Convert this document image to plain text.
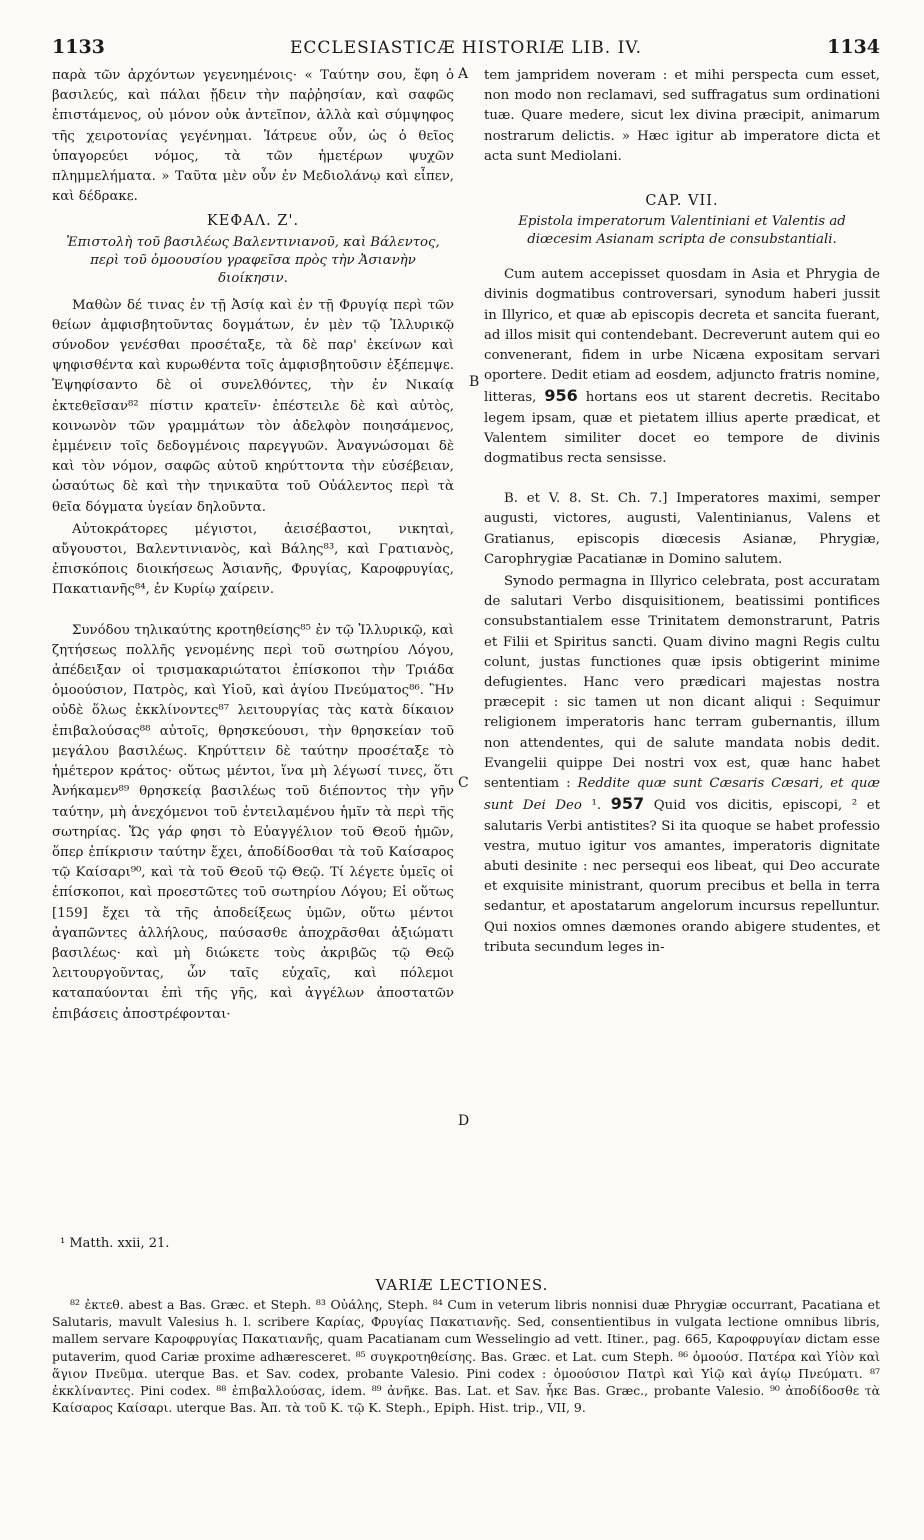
1133	ECCLESIASTICÆ HISTORIÆ LIB. IV.	1134

παρὰ τῶν ἀρχόντων γεγενημένοις· « Ταύτην σου, ἔφη ὁ βασιλεύς, καὶ πάλαι ᾔδειν τὴν παῤῥησίαν, καὶ σαφῶς ἐπιστάμενος, οὐ μόνον οὐκ ἀντεῖπον, ἀλλὰ καὶ σύμψηφος τῆς χειροτονίας γεγένημαι. Ἰάτρευε οὖν, ὡς ὁ θεῖος ὑπαγορεύει νόμος, τὰ τῶν ἡμετέρων ψυχῶν πλημμελήματα. » Ταῦτα μὲν οὖν ἐν Μεδιολάνῳ καὶ εἶπεν, καὶ δέδρακε.

ΚΕΦΑΛ. Ζ'.
Ἐπιστολὴ τοῦ βασιλέως Βαλεντινιανοῦ, καὶ Βάλεντος, περὶ τοῦ ὁμοουσίου γραφεῖσα πρὸς τὴν Ἀσιανὴν διοίκησιν.

Μαθὼν δέ τινας ἐν τῇ Ἀσίᾳ καὶ ἐν τῇ Φρυγίᾳ περὶ τῶν θείων ἀμφισβητοῦντας δογμάτων, ἐν μὲν τῷ Ἰλλυρικῷ σύνοδον γενέσθαι προσέταξε, τὰ δὲ παρ' ἐκείνων καὶ ψηφισθέντα καὶ κυρωθέντα τοῖς ἀμφισβητοῦσιν ἐξέπεμψε. Ἐψηφίσαντο δὲ οἱ συνελθόντες, τὴν ἐν Νικαίᾳ ἐκτεθεῖσαν⁸² πίστιν κρατεῖν· ἐπέστειλε δὲ καὶ αὐτὸς, κοινωνὸν τῶν γραμμάτων τὸν ἀδελφὸν ποιησάμενος, ἐμμένειν τοῖς δεδογμένοις παρεγγυῶν. Ἀναγνώσομαι δὲ καὶ τὸν νόμον, σαφῶς αὐτοῦ κηρύττοντα τὴν εὐσέβειαν, ὡσαύτως δὲ καὶ τὴν τηνικαῦτα τοῦ Οὐάλεντος περὶ τὰ θεῖα δόγματα ὑγείαν δηλοῦντα.

Αὐτοκράτορες μέγιστοι, ἀεισέβαστοι, νικηταὶ, αὔγουστοι, Βαλεντινιανὸς, καὶ Βάλης⁸³, καὶ Γρατιανὸς, ἐπισκόποις διοικήσεως Ἀσιανῆς, Φρυγίας, Καροφρυγίας, Πακατιανῆς⁸⁴, ἐν Κυρίῳ χαίρειν.

Συνόδου τηλικαύτης κροτηθείσης⁸⁵ ἐν τῷ Ἰλλυρικῷ, καὶ ζητήσεως πολλῆς γενομένης περὶ τοῦ σωτηρίου Λόγου, ἀπέδειξαν οἱ τρισμακαριώτατοι ἐπίσκοποι τὴν Τριάδα ὁμοούσιον, Πατρὸς, καὶ Υἱοῦ, καὶ ἁγίου Πνεύματος⁸⁶. Ἣν οὐδὲ ὅλως ἐκκλίνοντες⁸⁷ λειτουργίας τὰς κατὰ δίκαιον ἐπιβαλούσας⁸⁸ αὐτοῖς, θρησκεύουσι, τὴν θρησκείαν τοῦ μεγάλου βασιλέως. Κηρύττειν δὲ ταύτην προσέταξε τὸ ἡμέτερον κράτος· οὕτως μέντοι, ἵνα μὴ λέγωσί τινες, ὅτι Ἀνήκαμεν⁸⁹ θρησκείᾳ βασιλέως τοῦ διέποντος τὴν γῆν ταύτην, μὴ ἀνεχόμενοι τοῦ ἐντειλαμένου ἡμῖν τὰ περὶ τῆς σωτηρίας. Ὥς γάρ φησι τὸ Εὐαγγέλιον τοῦ Θεοῦ ἡμῶν, ὅπερ ἐπίκρισιν ταύτην ἔχει, ἀποδίδοσθαι τὰ τοῦ Καίσαρος τῷ Καίσαρι⁹⁰, καὶ τὰ τοῦ Θεοῦ τῷ Θεῷ. Τί λέγετε ὑμεῖς οἱ ἐπίσκοποι, καὶ προεστῶτες τοῦ σωτηρίου Λόγου; Εἰ οὕτως [159] ἔχει τὰ τῆς ἀποδείξεως ὑμῶν, οὕτω μέντοι ἀγαπῶντες ἀλλήλους, παύσασθε ἀποχρᾶσθαι ἀξιώματι βασιλέως· καὶ μὴ διώκετε τοὺς ἀκριβῶς τῷ Θεῷ λειτουργοῦντας, ὧν ταῖς εὐχαῖς, καὶ πόλεμοι καταπαύονται ἐπὶ τῆς γῆς, καὶ ἀγγέλων ἀποστατῶν ἐπιβάσεις ἀποστρέφονται·

A
B
C
D

tem jampridem noveram : et mihi perspecta cum esset, non modo non reclamavi, sed suffragatus sum ordinationi tuæ. Quare medere, sicut lex divina præcipit, animarum nostrarum delictis. » Hæc igitur ab imperatore dicta et acta sunt Mediolani.

CAP. VII.
Epistola imperatorum Valentiniani et Valentis ad diœcesim Asianam scripta de consubstantiali.

Cum autem accepisset quosdam in Asia et Phrygia de divinis dogmatibus controversari, synodum haberi jussit in Illyrico, et quæ ab episcopis decreta et sancita fuerant, ad illos misit qui contendebant. Decreverunt autem qui eo convenerant, fidem in urbe Nicæna expositam servari oportere. Dedit etiam ad eosdem, adjuncto fratris nomine, litteras, 956 hortans eos ut starent decretis. Recitabo legem ipsam, quæ et pietatem illius aperte prædicat, et Valentem similiter docet eo tempore de divinis dogmatibus recta sensisse.

B. et V. 8. St. Ch. 7.] Imperatores maximi, semper augusti, victores, augusti, Valentinianus, Valens et Gratianus, episcopis diœcesis Asianæ, Phrygiæ, Carophrygiæ Pacatianæ in Domino salutem.

Synodo permagna in Illyrico celebrata, post accuratam de salutari Verbo disquisitionem, beatissimi pontifices consubstantialem esse Trinitatem demonstrarunt, Patris et Filii et Spiritus sancti. Quam divino magni Regis cultu colunt, justas functiones quæ ipsis obtigerint minime defugientes. Hanc vero prædicari majestas nostra præcepit : sic tamen ut non dicant aliqui : Sequimur religionem imperatoris hanc terram gubernantis, illum non attendentes, qui de salute mandata nobis dedit. Evangelii quippe Dei nostri vox est, quæ hanc habet sententiam : Reddite quæ sunt Cæsaris Cæsari, et quæ sunt Dei Deo ¹. 957 Quid vos dicitis, episcopi, ² et salutaris Verbi antistites? Si ita quoque se habet professio vestra, mutuo igitur vos amantes, imperatoris dignitate abuti desinite : nec persequi eos libeat, qui Deo accurate et exquisite ministrant, quorum precibus et bella in terra sedantur, et apostatarum angelorum incursus repelluntur. Qui noxios omnes dæmones orando abigere studentes, et tributa secundum leges in-

¹ Matth. xxii, 21.
VARIÆ LECTIONES.

⁸² ἐκτεθ. abest a Bas. Græc. et Steph. ⁸³ Οὐάλης, Steph. ⁸⁴ Cum in veterum libris nonnisi duæ Phrygiæ occurrant, Pacatiana et Salutaris, mavult Valesius h. l. scribere Καρίας, Φρυγίας Πακατιανῆς. Sed, consentientibus in vulgata lectione omnibus libris, mallem servare Καροφρυγίας Πακατιανῆς, quam Pacatianam cum Wesselingio ad vett. Itiner., pag. 665, Καροφρυγίαν dictam esse putaverim, quod Cariæ proxime adhæresceret. ⁸⁵ συγκροτηθείσης. Bas. Græc. et Lat. cum Steph. ⁸⁶ ὁμοούσ. Πατέρα καὶ Υἱὸν καὶ ἅγιον Πνεῦμα. uterque Bas. et Sav. codex, probante Valesio. Pini codex : ὁμοούσιον Πατρὶ καὶ Υἱῷ καὶ ἁγίῳ Πνεύματι. ⁸⁷ ἐκκλίναντες. Pini codex. ⁸⁸ ἐπιβαλλούσας, idem. ⁸⁹ ἀνῆκε. Bas. Lat. et Sav. ἧκε Bas. Græc., probante Valesio. ⁹⁰ ἀποδίδοσθε τὰ Καίσαρος Καίσαρι. uterque Bas. Ἀπ. τὰ τοῦ Κ. τῷ Κ. Steph., Epiph. Hist. trip., VII, 9.
